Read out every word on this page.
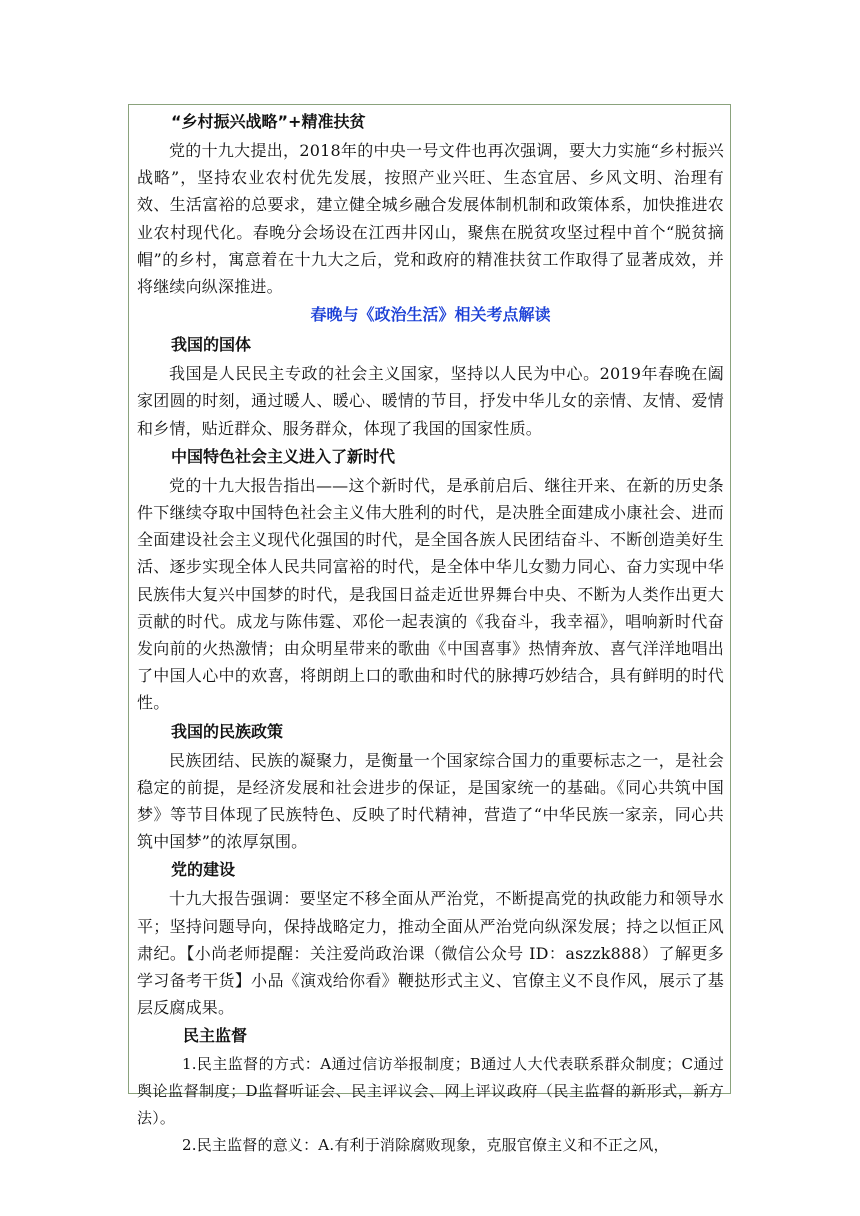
“乡村振兴战略”+精准扶贫

党的十九大提出，2018年的中央一号文件也再次强调，要大力实施“乡村振兴战略”，坚持农业农村优先发展，按照产业兴旺、生态宜居、乡风文明、治理有效、生活富裕的总要求，建立健全城乡融合发展体制机制和政策体系，加快推进农业农村现代化。春晚分会场设在江西井冈山，聚焦在脱贫攻坚过程中首个“脱贫摘帽”的乡村，寓意着在十九大之后，党和政府的精准扶贫工作取得了显著成效，并将继续向纵深推进。

春晚与《政治生活》相关考点解读

我国的国体

我国是人民民主专政的社会主义国家，坚持以人民为中心。2019年春晚在阖家团圆的时刻，通过暖人、暖心、暖情的节目，抒发中华儿女的亲情、友情、爱情和乡情，贴近群众、服务群众，体现了我国的国家性质。

中国特色社会主义进入了新时代

党的十九大报告指出——这个新时代，是承前启后、继往开来、在新的历史条件下继续夺取中国特色社会主义伟大胜利的时代，是决胜全面建成小康社会、进而全面建设社会主义现代化强国的时代，是全国各族人民团结奋斗、不断创造美好生活、逐步实现全体人民共同富裕的时代，是全体中华儿女勠力同心、奋力实现中华民族伟大复兴中国梦的时代，是我国日益走近世界舞台中央、不断为人类作出更大贡献的时代。成龙与陈伟霆、邓伦一起表演的《我奋斗，我幸福》，唱响新时代奋发向前的火热激情；由众明星带来的歌曲《中国喜事》热情奔放、喜气洋洋地唱出了中国人心中的欢喜，将朗朗上口的歌曲和时代的脉搏巧妙结合，具有鲜明的时代性。

我国的民族政策

民族团结、民族的凝聚力，是衡量一个国家综合国力的重要标志之一，是社会稳定的前提，是经济发展和社会进步的保证，是国家统一的基础。《同心共筑中国梦》等节目体现了民族特色、反映了时代精神，营造了“中华民族一家亲，同心共筑中国梦”的浓厚氛围。

党的建设

十九大报告强调：要坚定不移全面从严治党，不断提高党的执政能力和领导水平；坚持问题导向，保持战略定力，推动全面从严治党向纵深发展；持之以恒正风肃纪。【小尚老师提醒：关注爱尚政治课（微信公众号 ID：aszzk888）了解更多学习备考干货】小品《演戏给你看》鞭挞形式主义、官僚主义不良作风，展示了基层反腐成果。

民主监督

1.民主监督的方式：A通过信访举报制度；B通过人大代表联系群众制度；C通过舆论监督制度；D监督听证会、民主评议会、网上评议政府（民主监督的新形式，新方法）。

2.民主监督的意义：A.有利于消除腐败现象，克服官僚主义和不正之风，
